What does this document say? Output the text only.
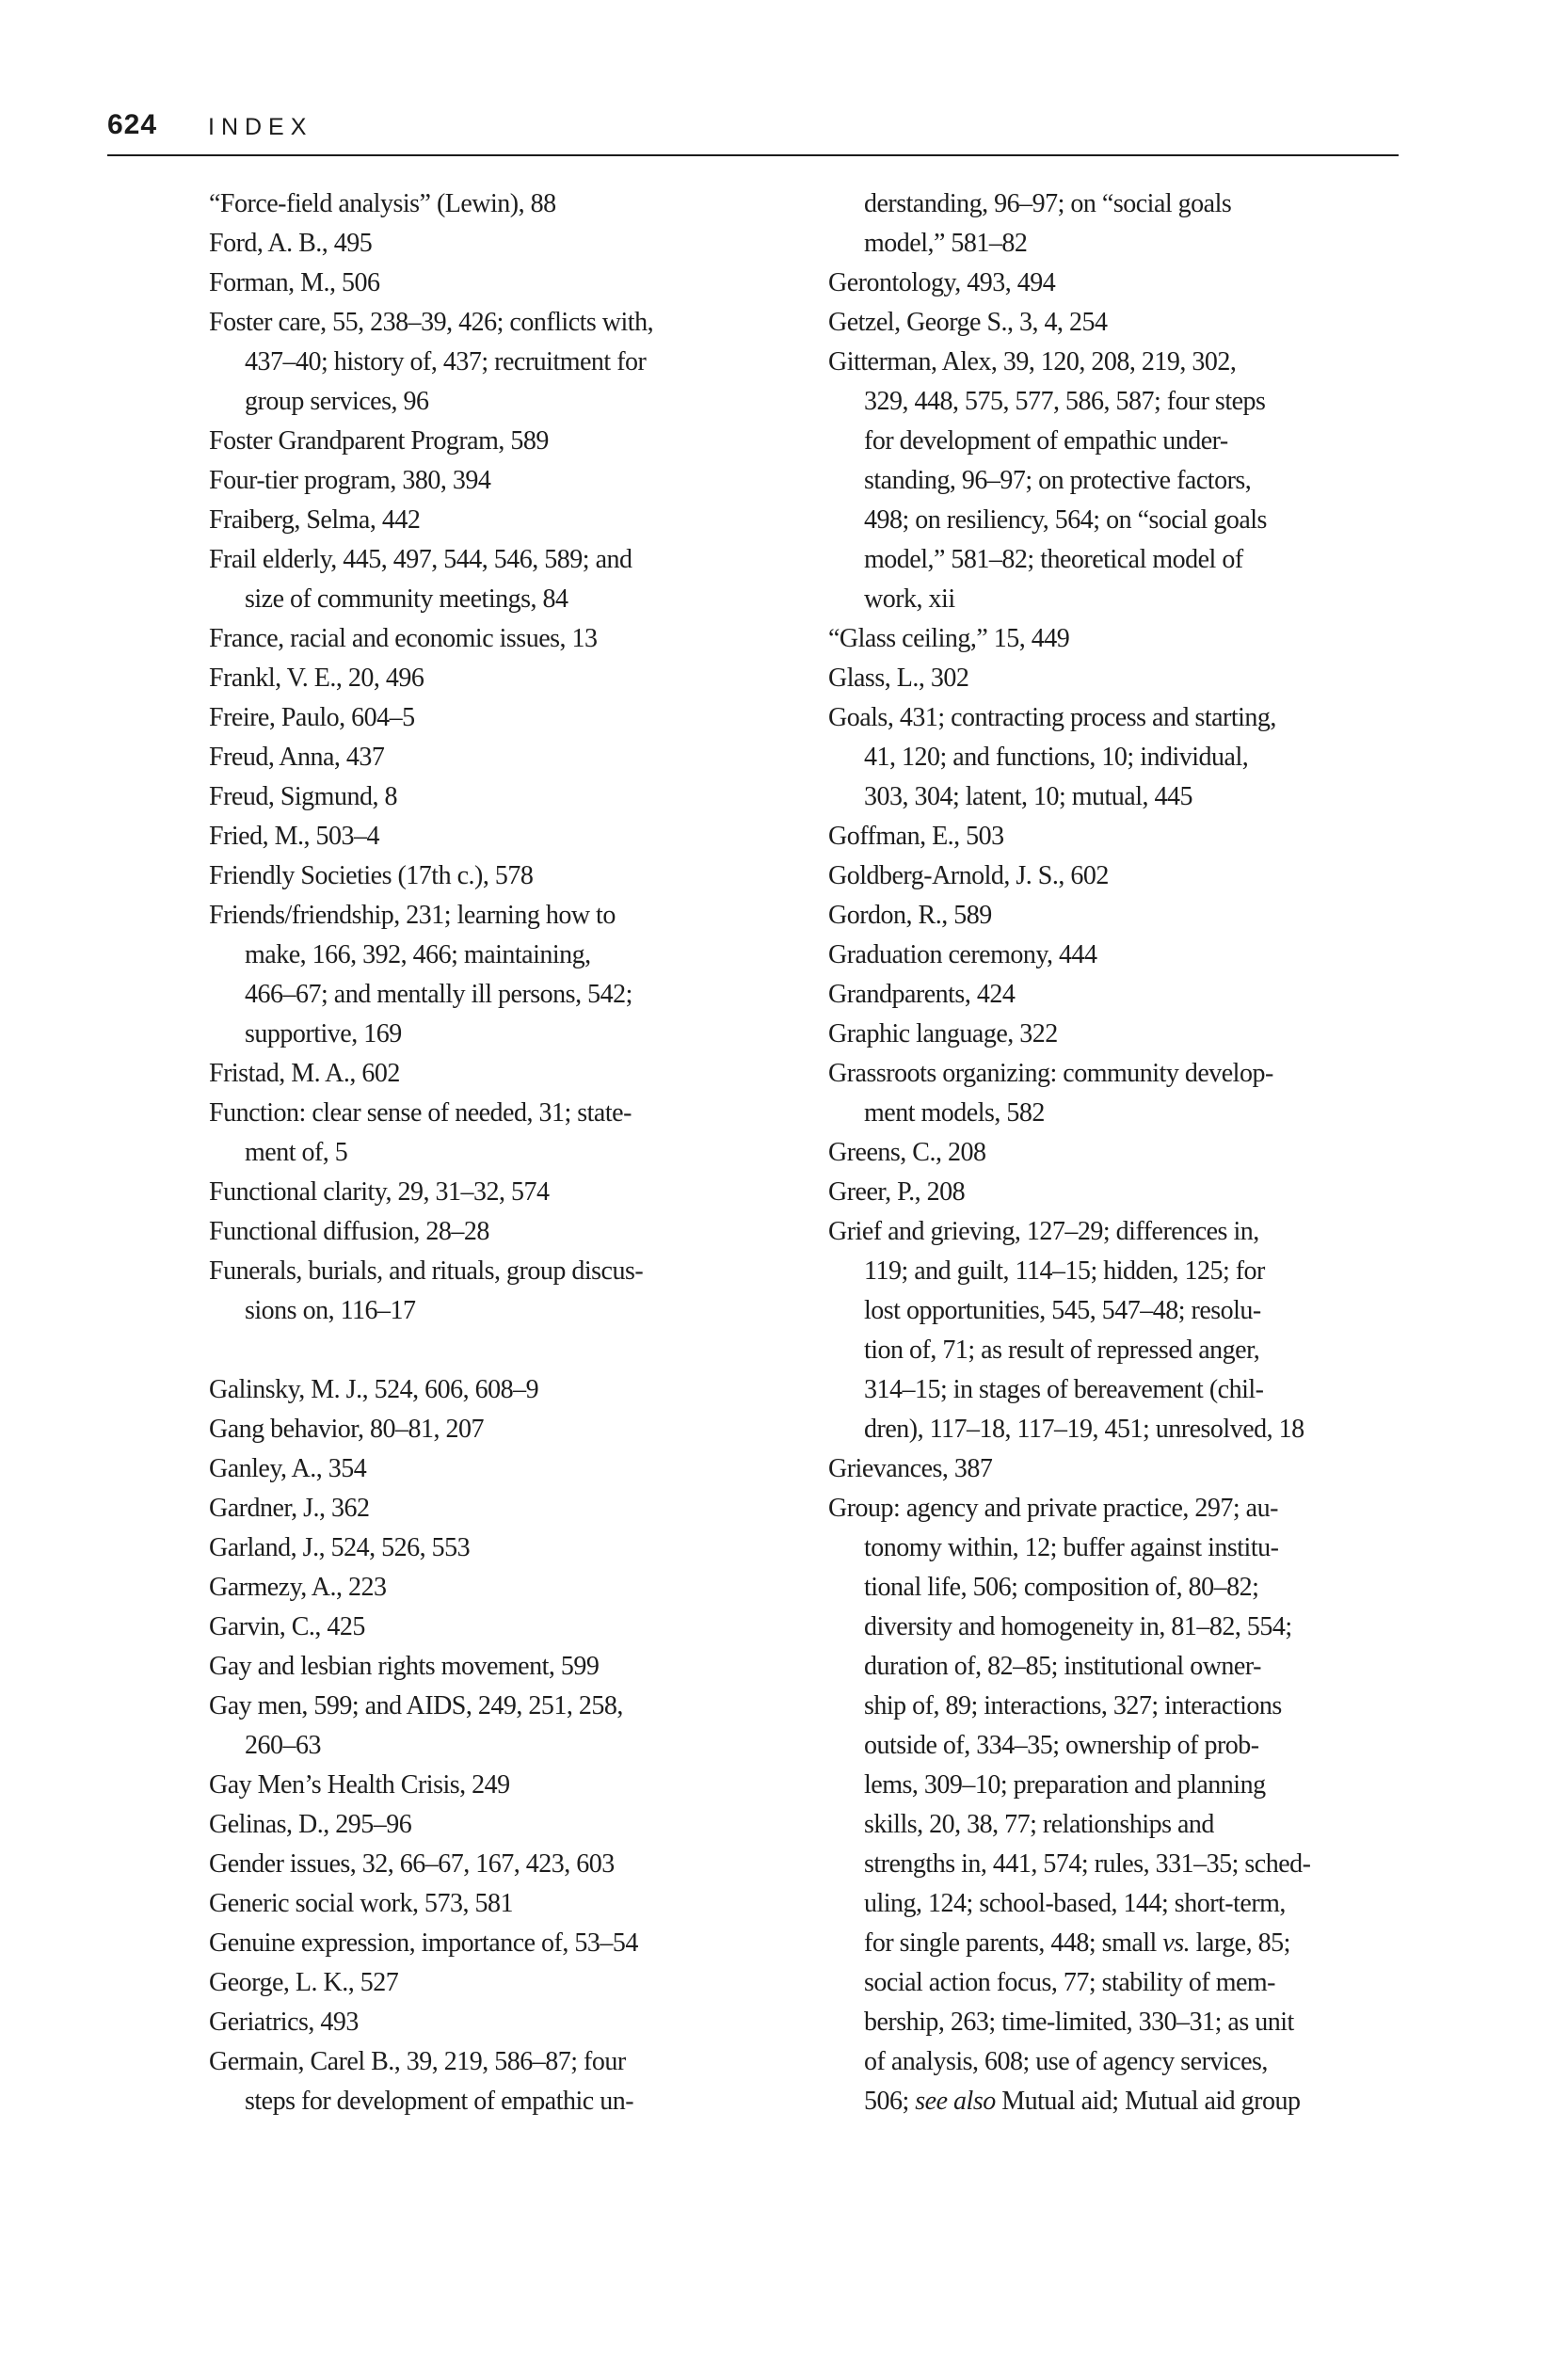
624 INDEX
“Force-field analysis” (Lewin), 88
Ford, A. B., 495
Forman, M., 506
Foster care, 55, 238–39, 426; conflicts with,
437–40; history of, 437; recruitment for
group services, 96
Foster Grandparent Program, 589
Four-tier program, 380, 394
Fraiberg, Selma, 442
Frail elderly, 445, 497, 544, 546, 589; and
size of community meetings, 84
France, racial and economic issues, 13
Frankl, V. E., 20, 496
Freire, Paulo, 604–5
Freud, Anna, 437
Freud, Sigmund, 8
Fried, M., 503–4
Friendly Societies (17th c.), 578
Friends/friendship, 231; learning how to
make, 166, 392, 466; maintaining,
466–67; and mentally ill persons, 542;
supportive, 169
Fristad, M. A., 602
Function: clear sense of needed, 31; state-
ment of, 5
Functional clarity, 29, 31–32, 574
Functional diffusion, 28–28
Funerals, burials, and rituals, group discus-
sions on, 116–17
Galinsky, M. J., 524, 606, 608–9
Gang behavior, 80–81, 207
Ganley, A., 354
Gardner, J., 362
Garland, J., 524, 526, 553
Garmezy, A., 223
Garvin, C., 425
Gay and lesbian rights movement, 599
Gay men, 599; and AIDS, 249, 251, 258,
260–63
Gay Men’s Health Crisis, 249
Gelinas, D., 295–96
Gender issues, 32, 66–67, 167, 423, 603
Generic social work, 573, 581
Genuine expression, importance of, 53–54
George, L. K., 527
Geriatrics, 493
Germain, Carel B., 39, 219, 586–87; four
steps for development of empathic un-
derstanding, 96–97; on “social goals
model,” 581–82
Gerontology, 493, 494
Getzel, George S., 3, 4, 254
Gitterman, Alex, 39, 120, 208, 219, 302,
329, 448, 575, 577, 586, 587; four steps
for development of empathic under-
standing, 96–97; on protective factors,
498; on resiliency, 564; on “social goals
model,” 581–82; theoretical model of
work, xii
“Glass ceiling,” 15, 449
Glass, L., 302
Goals, 431; contracting process and starting,
41, 120; and functions, 10; individual,
303, 304; latent, 10; mutual, 445
Goffman, E., 503
Goldberg-Arnold, J. S., 602
Gordon, R., 589
Graduation ceremony, 444
Grandparents, 424
Graphic language, 322
Grassroots organizing: community develop-
ment models, 582
Greens, C., 208
Greer, P., 208
Grief and grieving, 127–29; differences in,
119; and guilt, 114–15; hidden, 125; for
lost opportunities, 545, 547–48; resolu-
tion of, 71; as result of repressed anger,
314–15; in stages of bereavement (chil-
dren), 117–18, 117–19, 451; unresolved, 18
Grievances, 387
Group: agency and private practice, 297; au-
tonomy within, 12; buffer against institu-
tional life, 506; composition of, 80–82;
diversity and homogeneity in, 81–82, 554;
duration of, 82–85; institutional owner-
ship of, 89; interactions, 327; interactions
outside of, 334–35; ownership of prob-
lems, 309–10; preparation and planning
skills, 20, 38, 77; relationships and
strengths in, 441, 574; rules, 331–35; sched-
uling, 124; school-based, 144; short-term,
for single parents, 448; small vs. large, 85;
social action focus, 77; stability of mem-
bership, 263; time-limited, 330–31; as unit
of analysis, 608; use of agency services,
506; see also Mutual aid; Mutual aid group
